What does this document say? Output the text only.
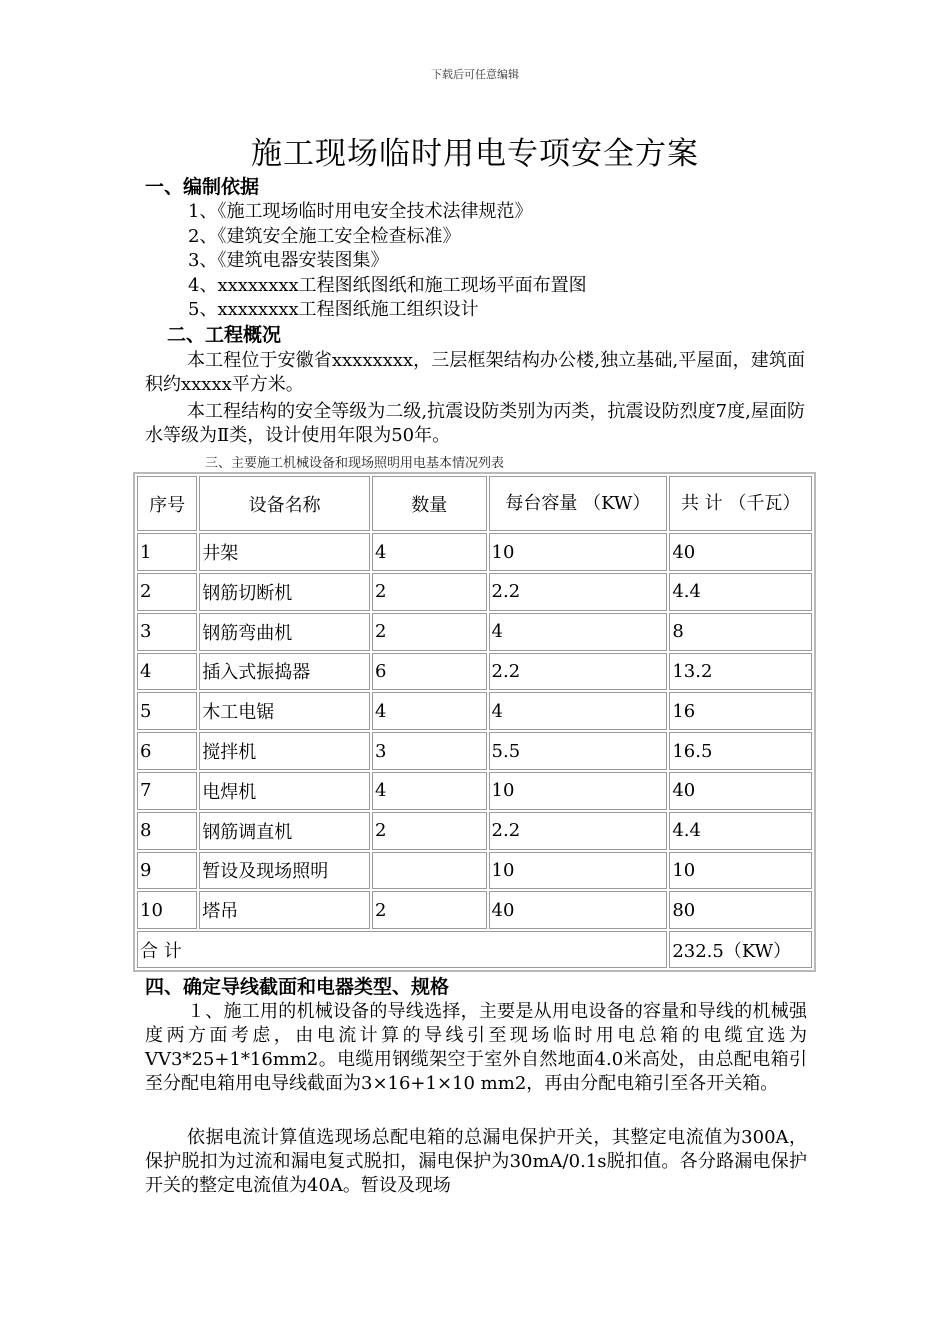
下载后可任意编辑
施工现场临时用电专项安全方案
一、编制依据
1、《施工现场临时用电安全技术法律规范》
2、《建筑安全施工安全检查标准》
3、《建筑电器安装图集》
4、xxxxxxxx工程图纸图纸和施工现场平面布置图
5、xxxxxxxx工程图纸施工组织设计
二、工程概况

本工程位于安徽省xxxxxxxx，三层框架结构办公楼,独立基础,平屋面，建筑面积约xxxxx平方米。

本工程结构的安全等级为二级,抗震设防类别为丙类，抗震设防烈度7度,屋面防水等级为Ⅱ类，设计使用年限为50年。

三、主要施工机械设备和现场照明用电基本情况列表
序号	设备名称	数量	每台容量 （KW）	共 计 （千瓦）
1	井架	4	10	40
2	钢筋切断机	2	2.2	4.4
3	钢筋弯曲机	2	4	8
4	插入式振捣器	6	2.2	13.2
5	木工电锯	4	4	16
6	搅拌机	3	5.5	16.5
7	电焊机	4	10	40
8	钢筋调直机	2	2.2	4.4
9	暂设及现场照明		10	10
10	塔吊	2	40	80
合 计				232.5（KW）
四、确定导线截面和电器类型、规格

１、施工用的机械设备的导线选择，主要是从用电设备的容量和导线的机械强度两方面考虑，由电流计算的导线引至现场临时用电总箱的电缆宜选为VV3*25+1*16mm2。电缆用钢缆架空于室外自然地面4.0米高处，由总配电箱引至分配电箱用电导线截面为3×16+1×10 mm2，再由分配电箱引至各开关箱。

依据电流计算值选现场总配电箱的总漏电保护开关，其整定电流值为300A，保护脱扣为过流和漏电复式脱扣，漏电保护为30mA/0.1s脱扣值。各分路漏电保护开关的整定电流值为40A。暂设及现场
